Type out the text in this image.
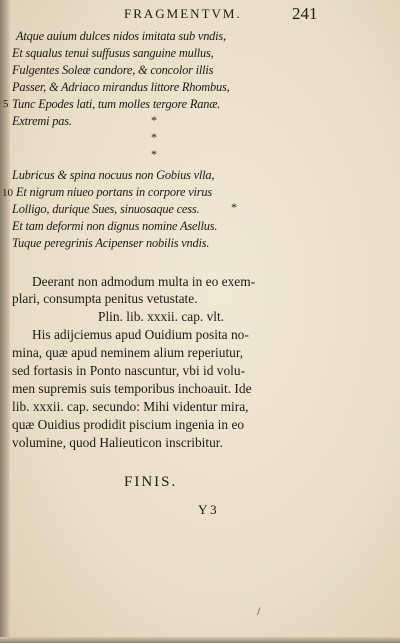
FRAGMENTVM.	241
Atque auium dulces nidos imitata sub vndis,
Et squalus tenui suffusus sanguine mullus,
Fulgentes Soleæ candore, & concolor illis
Passer, & Adriaco mirandus littore Rhombus,
5 Tunc Epodes lati, tum molles tergore Ranæ.
Extremi pas.	*
*
*
Lubricus & spina nocuus non Gobius vlla,
10 Et nigrum niueo portans in corpore virus
Lolligo, durique Sues, sinuosaque cess.	*
Et tam deformi non dignus nomine Asellus.
Tuque peregrinis Acipenser nobilis vndis.
Deerant non admodum multa in eo exem-
plari, consumpta penitus vetustate.
Plin. lib. xxxii. cap. vlt.
His adijciemus apud Ouidium posita no-
mina, quæ apud neminem alium reperiutur,
sed fortasis in Ponto nascuntur, vbi id volu-
men supremis suis temporibus inchoauit. Ide
lib. xxxii. cap. secundo: Mihi videntur mira,
quæ Ouidius prodidit piscium ingenia in eo
volumine, quod Halieuticon inscribitur.
FINIS.
Y 3
/
